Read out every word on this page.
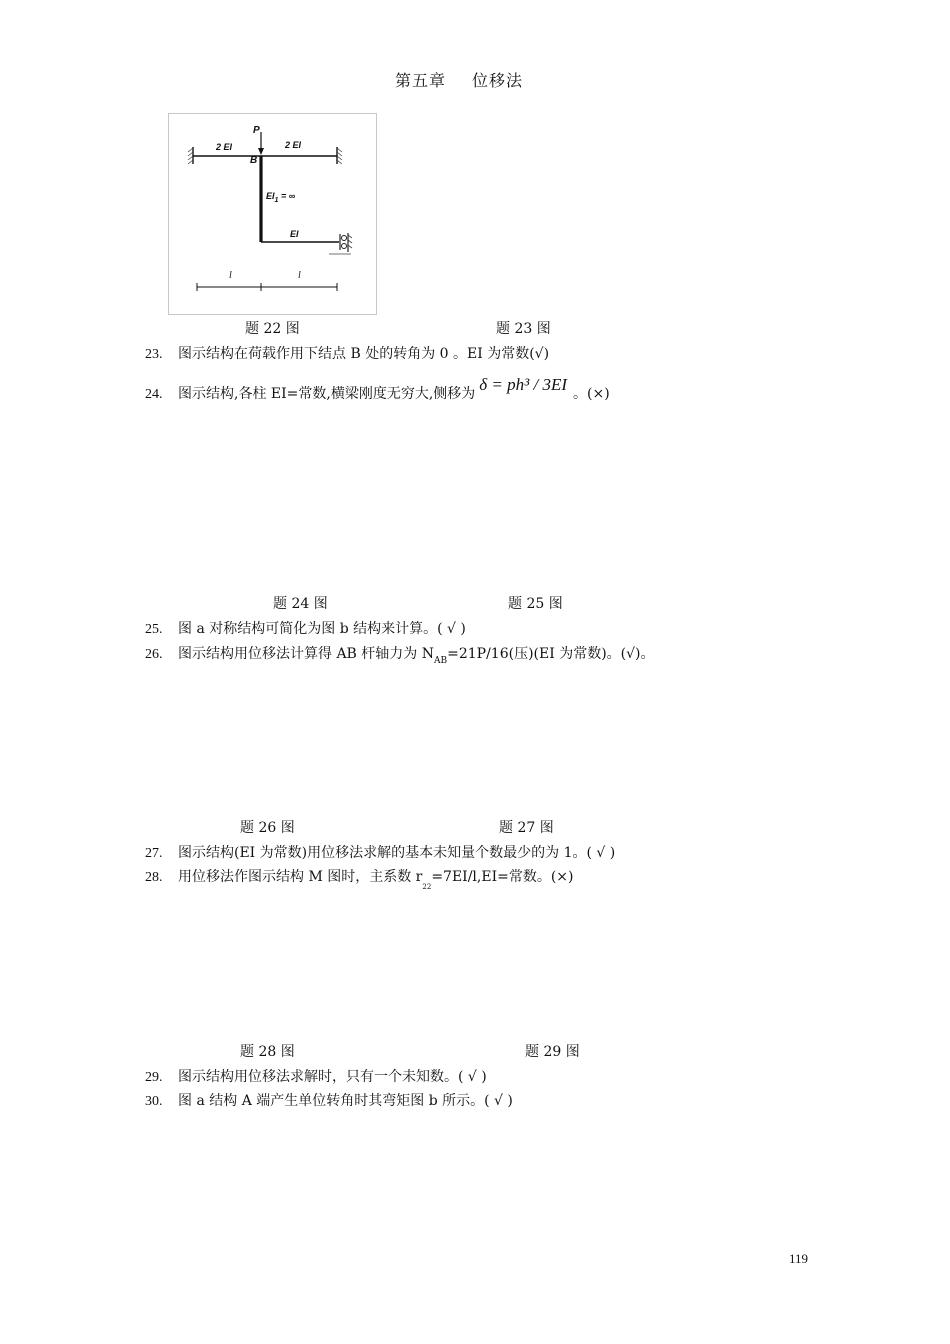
第五章 位移法
P
B
2 EI	2 EI
$EI_1$ = ∞
EI
l	l
题 22 图	题 23 图
23. 图示结构在荷载作用下结点 B 处的转角为 0 。EI 为常数(√)
24. 图示结构,各柱 EI=常数,横梁刚度无穷大,侧移为 δ = ph³ / 3EI 。(×)
题 24 图	题 25 图
25. 图 a 对称结构可简化为图 b 结构来计算。( √ )
26. 图示结构用位移法计算得 AB 杆轴力为 $N_{AB}=21P/16$(压)(EI 为常数)。(√)。
题 26 图	题 27 图
27. 图示结构(EI 为常数)用位移法求解的基本未知量个数最少的为 1。( √ )
28. 用位移法作图示结构 M 图时，主系数 $r_{22}=7EI/l,EI=$常数。(×)
题 28 图	题 29 图
29. 图示结构用位移法求解时，只有一个未知数。( √ )
30. 图 a 结构 A 端产生单位转角时其弯矩图 b 所示。( √ )
119
